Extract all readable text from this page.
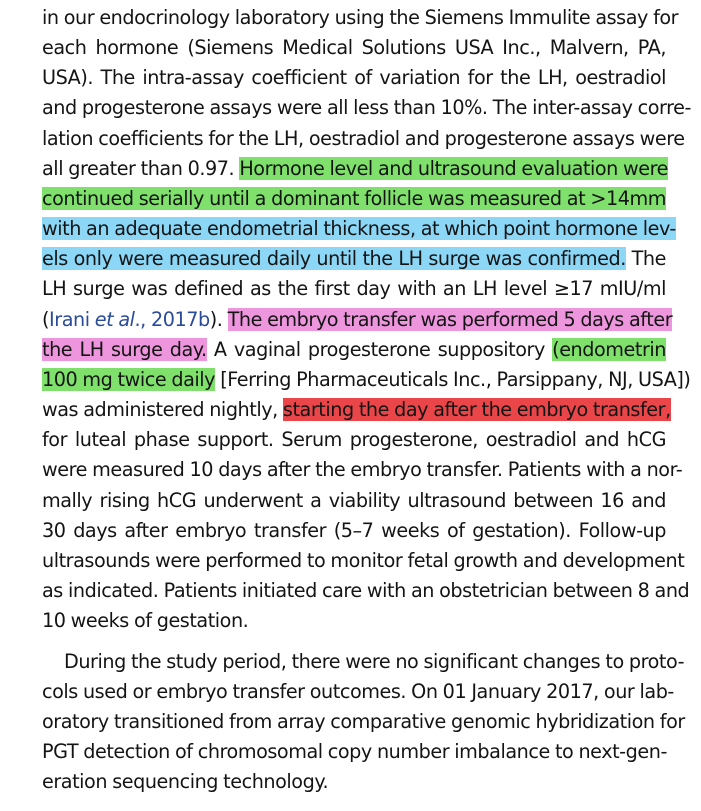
in our endocrinology laboratory using the Siemens Immulite assay for
each hormone (Siemens Medical Solutions USA Inc., Malvern, PA,
USA). The intra-assay coefficient of variation for the LH, oestradiol
and progesterone assays were all less than 10%. The inter-assay corre-
lation coefficients for the LH, oestradiol and progesterone assays were
all greater than 0.97. Hormone level and ultrasound evaluation were
continued serially until a dominant follicle was measured at >14mm
with an adequate endometrial thickness, at which point hormone lev-
els only were measured daily until the LH surge was confirmed. The
LH surge was defined as the first day with an LH level ≥17 mIU/ml
(Irani et al., 2017b). The embryo transfer was performed 5 days after
the LH surge day. A vaginal progesterone suppository (endometrin
100 mg twice daily [Ferring Pharmaceuticals Inc., Parsippany, NJ, USA])
was administered nightly, starting the day after the embryo transfer,
for luteal phase support. Serum progesterone, oestradiol and hCG
were measured 10 days after the embryo transfer. Patients with a nor-
mally rising hCG underwent a viability ultrasound between 16 and
30 days after embryo transfer (5–7 weeks of gestation). Follow-up
ultrasounds were performed to monitor fetal growth and development
as indicated. Patients initiated care with an obstetrician between 8 and
10 weeks of gestation.
During the study period, there were no significant changes to proto-
cols used or embryo transfer outcomes. On 01 January 2017, our lab-
oratory transitioned from array comparative genomic hybridization for
PGT detection of chromosomal copy number imbalance to next-gen-
eration sequencing technology.
